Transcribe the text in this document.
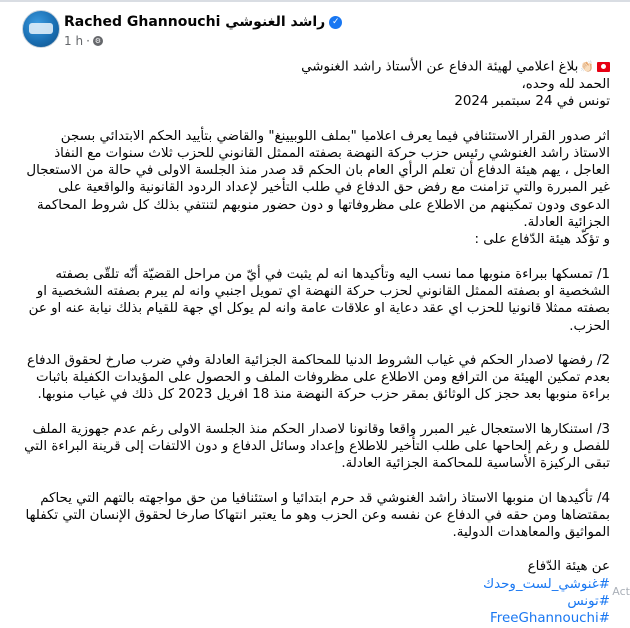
Rached Ghannouchi راشد الغنوشي ✓
1 h · ⚙

👏🏻بلاغ اعلامي لهيئة الدفاع عن الأستاذ راشد الغنوشي

الحمد لله وحده،

تونس في 24 سبتمبر 2024

اثر صدور القرار الاستئنافي فيما يعرف اعلاميا "بملف اللوبيينغ" والقاضي بتأييد الحكم الابتدائي بسجن الاستاذ راشد الغنوشي رئيس حزب حركة النهضة بصفته الممثل القانوني للحزب ثلاث سنوات مع النفاذ العاجل ، يهم هيئة الدفاع أن تعلم الرأي العام بان الحكم قد صدر منذ الجلسة الاولى في حالة من الاستعجال غير المبررة والتي تزامنت مع رفض حق الدفاع في طلب التأخير لإعداد الردود القانونية والواقعية على الدعوى ودون تمكينهم من الاطلاع على مظروفاتها و دون حضور منوبهم لتنتفي بذلك كل شروط المحاكمة الجزائية العادلة.

و تؤكّد هيئة الدّفاع على :

1/ تمسكها ببراءة منوبها مما نسب اليه وتأكيدها انه لم يثبت في أيّ من مراحل القضيّة أنّه تلقّى بصفته الشخصية او بصفته الممثل القانوني لحزب حركة النهضة اي تمويل اجنبي وانه لم يبرم بصفته الشخصية او بصفته ممثلا قانونيا للحزب اي عقد دعاية او علاقات عامة وانه لم يوكل اي جهة للقيام بذلك نيابة عنه او عن الحزب.

2/ رفضها لاصدار الحكم في غياب الشروط الدنيا للمحاكمة الجزائية العادلة وفي ضرب صارخ لحقوق الدفاع بعدم تمكين الهيئة من الترافع ومن الاطلاع على مظروفات الملف و الحصول على المؤيدات الكفيلة باثبات براءة منوبها بعد حجز كل الوثائق بمقر حزب حركة النهضة منذ 18 افريل 2023 كل ذلك في غياب منوبها.

3/ استنكارها الاستعجال غير المبرر واقعا وقانونا لاصدار الحكم منذ الجلسة الاولى رغم عدم جهوزية الملف للفصل و رغم إلحاحها على طلب التأخير للاطلاع وإعداد وسائل الدفاع و دون الالتفات إلى قرينة البراءة التي تبقى الركيزة الأساسية للمحاكمة الجزائية العادلة.

4/ تأكيدها ان منوبها الاستاذ راشد الغنوشي قد حرم ابتدائيا و استئنافيا من حق مواجهته بالتهم التي يحاكم بمقتضاها ومن حقه في الدفاع عن نفسه وعن الحزب وهو ما يعتبر انتهاكا صارخا لحقوق الإنسان التي تكفلها المواثيق والمعاهدات الدولية.

عن هيئة الدّفاع

#غنوشي_لست_وحدك

#تونس

#FreeGhannouchi

Act
